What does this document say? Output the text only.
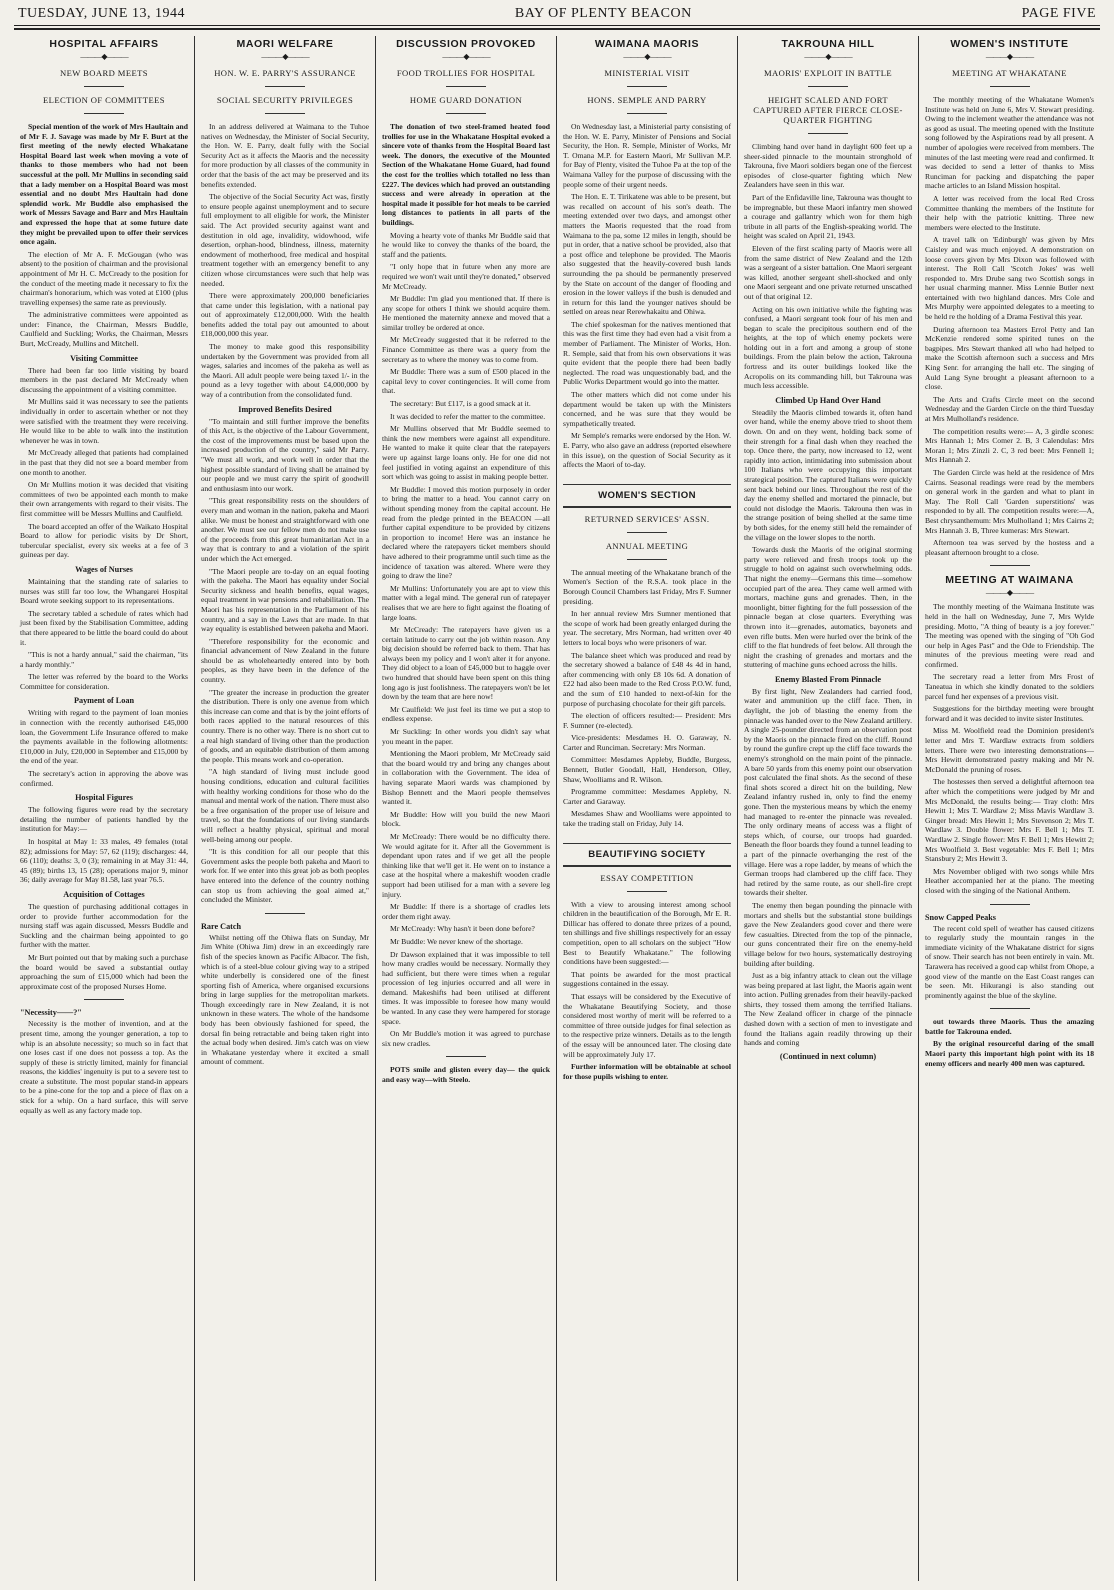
TUESDAY, JUNE 13, 1944	BAY OF PLENTY BEACON	PAGE FIVE
HOSPITAL AFFAIRS
———◆———
NEW BOARD MEETS
ELECTION OF COMMITTEES

Special mention of the work of Mrs Haultain and of Mr F. J. Savage was made by Mr F. Burt at the first meeting of the newly elected Whakatane Hospital Board last week when moving a vote of thanks to those members who had not been successful at the poll. Mr Mullins in seconding said that a lady member on a Hospital Board was most essential and no doubt Mrs Haultain had done splendid work. Mr Buddle also emphasised the work of Messrs Savage and Barr and Mrs Haultain and expressed the hope that at some future date they might be prevailed upon to offer their services once again.

The election of Mr A. F. McGougan (who was absent) to the position of chairman and the provisional appointment of Mr H. C. McCready to the position for the conduct of the meeting made it necessary to fix the chairman's honorarium, which was voted at £100 (plus travelling expenses) the same rate as previously.

The administrative committees were appointed as under: Finance, the Chairman, Messrs Buddle, Caulfield and Suckling; Works, the Chairman, Messrs Burt, McCready, Mullins and Mitchell.

Visiting Committee

There had been far too little visiting by board members in the past declared Mr McCready when discussing the appointment of a visiting committee.

Mr Mullins said it was necessary to see the patients individually in order to ascertain whether or not they were satisfied with the treatment they were receiving. He would like to be able to walk into the institution whenever he was in town.

Mr McCready alleged that patients had complained in the past that they did not see a board member from one month to another.

On Mr Mullins motion it was decided that visiting committees of two be appointed each month to make their own arrangements with regard to their visits. The first committee will be Messrs Mullins and Caulfield.

The board accepted an offer of the Waikato Hospital Board to allow for periodic visits by Dr Short, tubercular specialist, every six weeks at a fee of 3 guineas per day.

Wages of Nurses

Maintaining that the standing rate of salaries to nurses was still far too low, the Whangarei Hospital Board wrote seeking support to its representations.

The secretary tabled a schedule of rates which had just been fixed by the Stabilisation Committee, adding that there appeared to be little the board could do about it.

"This is not a hardy annual," said the chairman, "its a hardy monthly."

The letter was referred by the board to the Works Committee for consideration.

Payment of Loan

Writing with regard to the payment of loan monies in connection with the recently authorised £45,000 loan, the Government Life Insurance offered to make the payments available in the following allotments: £10,000 in July, £20,000 in September and £15,000 by the end of the year.

The secretary's action in approving the above was confirmed.

Hospital Figures

The following figures were read by the secretary detailing the number of patients handled by the institution for May:—

In hospital at May 1: 33 males, 49 females (total 82); admissions for May: 57, 62 (119); discharges: 44, 66 (110); deaths: 3, 0 (3); remaining in at May 31: 44, 45 (89); births 13, 15 (28); operations major 9, minor 36; daily average for May 81.58, last year 76.5.

Acquisition of Cottages

The question of purchasing additional cottages in order to provide further accommodation for the nursing staff was again discussed, Messrs Buddle and Suckling and the chairman being appointed to go further with the matter.

Mr Burt pointed out that by making such a purchase the board would be saved a substantial outlay approaching the sum of £15,000 which had been the approximate cost of the proposed Nurses Home.

"Necessity——?"

Necessity is the mother of invention, and at the present time, among the younger generation, a top to whip is an absolute necessity; so much so in fact that one loses cast if one does not possess a top. As the supply of these is strictly limited, mainly for financial reasons, the kiddies' ingenuity is put to a severe test to create a substitute. The most popular stand-in appears to be a pine-cone for the top and a piece of flax on a stick for a whip. On a hard surface, this will serve equally as well as any factory made top.

MAORI WELFARE
———◆———
HON. W. E. PARRY'S ASSURANCE
SOCIAL SECURITY PRIVILEGES

In an address delivered at Waimana to the Tuhoe natives on Wednesday, the Minister of Social Security, the Hon. W. E. Parry, dealt fully with the Social Security Act as it affects the Maoris and the necessity for more production by all classes of the community in order that the basis of the act may be preserved and its benefits extended.

The objective of the Social Security Act was, firstly to ensure people against unemployment and to secure full employment to all eligible for work, the Minister said. The Act provided security against want and destitution in old age, invalidity, widowhood, wife desertion, orphan-hood, blindness, illness, maternity endowment of motherhood, free medical and hospital treatment together with an emergency benefit to any citizen whose circumstances were such that help was needed.

There were approximately 200,000 beneficiaries that came under this legislation, with a national pay out of approximately £12,000,000. With the health benefits added the total pay out amounted to about £18,000,000 this year.

The money to make good this responsibility undertaken by the Government was provided from all wages, salaries and incomes of the pakeha as well as the Maori. All adult people were being taxed 1/- in the pound as a levy together with about £4,000,000 by way of a contribution from the consolidated fund.

Improved Benefits Desired

"To maintain and still further improve the benefits of this Act, is the objective of the Labour Government, the cost of the improvements must be based upon the increased production of the country," said Mr Parry. "We must all work, and work well in order that the highest possible standard of living shall be attained by our people and we must carry the spirit of goodwill and enthusiasm into our work.

"This great responsibility rests on the shoulders of every man and woman in the nation, pakeha and Maori alike. We must be honest and straightforward with one another. We must see our fellow men do not make use of the proceeds from this great humanitarian Act in a way that is contrary to and a violation of the spirit under which the Act emerged.

"The Maori people are to-day on an equal footing with the pakeha. The Maori has equality under Social Security sickness and health benefits, equal wages, equal treatment in war pensions and rehabilitation. The Maori has his representation in the Parliament of his country, and a say in the Laws that are made. In that way equality is established between pakeha and Maori.

"Therefore responsibility for the economic and financial advancement of New Zealand in the future should be as wholeheartedly entered into by both peoples, as they have been in the defence of the country.

"The greater the increase in production the greater the distribution. There is only one avenue from which this increase can come and that is by the joint efforts of both races applied to the natural resources of this country. There is no other way. There is no short cut to a real high standard of living other than the production of goods, and an equitable distribution of them among the people. This means work and co-operation.

"A high standard of living must include good housing conditions, education and cultural facilities with healthy working conditions for those who do the manual and mental work of the nation. There must also be a free organisation of the proper use of leisure and travel, so that the foundations of our living standards will reflect a healthy physical, spiritual and moral well-being among our people.

"It is this condition for all our people that this Government asks the people both pakeha and Maori to work for. If we enter into this great job as both peoples have entered into the defence of the country nothing can stop us from achieving the goal aimed at," concluded the Minister.

Rare Catch

Whilst netting off the Ohiwa flats on Sunday, Mr Jim White (Ohiwa Jim) drew in an exceedingly rare fish of the species known as Pacific Albacor. The fish, which is of a steel-blue colour giving way to a striped white underbelly is considered one of the finest sporting fish of America, where organised excursions bring in large supplies for the metropolitan markets. Though exceedingly rare in New Zealand, it is not unknown in these waters. The whole of the handsome body has been obviously fashioned for speed, the dorsal fin being retractable and being taken right into the actual body when desired. Jim's catch was on view in Whakatane yesterday where it excited a small amount of comment.

DISCUSSION PROVOKED
———◆———
FOOD TROLLIES FOR HOSPITAL
HOME GUARD DONATION

The donation of two steel-framed heated food trollies for use in the Whakatane Hospital evoked a sincere vote of thanks from the Hospital Board last week. The donors, the executive of the Mounted Section of the Whakatane Home Guard, had found the cost for the trollies which totalled no less than £227. The devices which had proved an outstanding success and were already in operation at the hospital made it possible for hot meals to be carried long distances to patients in all parts of the buildings.

Moving a hearty vote of thanks Mr Buddle said that he would like to convey the thanks of the board, the staff and the patients.

"I only hope that in future when any more are required we won't wait until they're donated," observed Mr McCready.

Mr Buddle: I'm glad you mentioned that. If there is any scope for others I think we should acquire them. He mentioned the maternity annexe and moved that a similar trolley be ordered at once.

Mr McCready suggested that it be referred to the Finance Committee as there was a query from the secretary as to where the money was to come from.

Mr Buddle: There was a sum of £500 placed in the capital levy to cover contingencies. It will come from that.

The secretary: But £117, is a good smack at it.

It was decided to refer the matter to the committee.

Mr Mullins observed that Mr Buddle seemed to think the new members were against all expenditure. He wanted to make it quite clear that the ratepayers were up against large loans only. He for one did not feel justified in voting against an expenditure of this sort which was going to assist in making people better.

Mr Buddle: I moved this motion purposely in order to bring the matter to a head. You cannot carry on without spending money from the capital account. He read from the pledge printed in the BEACON —all further capital expenditure to be provided by citizens in proportion to income! Here was an instance he declared where the ratepayers ticket members should have adhered to their programme until such time as the incidence of taxation was altered. Where were they going to draw the line?

Mr Mullins: Unfortunately you are apt to view this matter with a legal mind. The general run of ratepayer realises that we are here to fight against the floating of large loans.

Mr McCready: The ratepayers have given us a certain latitude to carry out the job within reason. Any big decision should be referred back to them. That has always been my policy and I won't alter it for anyone. They did object to a loan of £45,000 but to haggle over two hundred that should have been spent on this thing long ago is just foolishness. The ratepayers won't be let down by the team that are here now!

Mr Caulfield: We just feel its time we put a stop to endless expense.

Mr Suckling: In other words you didn't say what you meant in the paper.

Mentioning the Maori problem, Mr McCready said that the board would try and bring any changes about in collaboration with the Government. The idea of having separate Maori wards was championed by Bishop Bennett and the Maori people themselves wanted it.

Mr Buddle: How will you build the new Maori block.

Mr McCready: There would be no difficulty there. We would agitate for it. After all the Government is dependant upon rates and if we get all the people thinking like that we'll get it. He went on to instance a case at the hospital where a makeshift wooden cradle support had been utilised for a man with a severe leg injury.

Mr Buddle: If there is a shortage of cradles lets order them right away.

Mr McCready: Why hasn't it been done before?

Mr Buddle: We never knew of the shortage.

Dr Dawson explained that it was impossible to tell how many cradles would be necessary. Normally they had sufficient, but there were times when a regular procession of leg injuries occurred and all were in demand. Makeshifts had been utilised at different times. It was impossible to foresee how many would be wanted. In any case they were hampered for storage space.

On Mr Buddle's motion it was agreed to purchase six new cradles.

POTS smile and glisten every day— the quick and easy way—with Steelo.

WAIMANA MAORIS
———◆———
MINISTERIAL VISIT
HONS. SEMPLE AND PARRY

On Wednesday last, a Ministerial party consisting of the Hon. W. E. Parry, Minister of Pensions and Social Security, the Hon. R. Semple, Minister of Works, Mr T. Omana M.P. for Eastern Maori, Mr Sullivan M.P. for Bay of Plenty, visited the Tuhoe Pa at the top of the Waimana Valley for the purpose of discussing with the people some of their urgent needs.

The Hon. E. T. Tirikatene was able to be present, but was recalled on account of his son's death. The meeting extended over two days, and amongst other matters the Maoris requested that the road from Waimana to the pa, some 12 miles in length, should be put in order, that a native school be provided, also that a post office and telephone be provided. The Maoris also suggested that the heavily-covered bush lands surrounding the pa should be permanently preserved by the State on account of the danger of flooding and erosion in the lower valleys if the bush is denuded and in return for this land the younger natives should be settled on areas near Rerewhakaitu and Ohiwa.

The chief spokesman for the natives mentioned that this was the first time they had even had a visit from a member of Parliament. The Minister of Works, Hon. R. Semple, said that from his own observations it was quite evident that the people there had been badly neglected. The road was unquestionably bad, and the Public Works Department would go into the matter.

The other matters which did not come under his department would be taken up with the Ministers concerned, and he was sure that they would be sympathetically treated.

Mr Semple's remarks were endorsed by the Hon. W. E. Parry, who also gave an address (reported elsewhere in this issue), on the question of Social Security as it affects the Maori of to-day.

WOMEN'S SECTION
RETURNED SERVICES' ASSN.
ANNUAL MEETING

The annual meeting of the Whakatane branch of the Women's Section of the R.S.A. took place in the Borough Council Chambers last Friday, Mrs F. Sumner presiding.

In her annual review Mrs Sumner mentioned that the scope of work had been greatly enlarged during the year. The secretary, Mrs Norman, had written over 40 letters to local boys who were prisoners of war.

The balance sheet which was produced and read by the secretary showed a balance of £48 4s 4d in hand, after commencing with only £8 10s 6d. A donation of £22 had also been made to the Red Cross P.O.W. fund, and the sum of £10 handed to next-of-kin for the purpose of purchasing chocolate for their gift parcels.

The election of officers resulted:— President: Mrs F. Sumner (re-elected).

Vice-presidents: Mesdames H. O. Garaway, N. Carter and Runciman. Secretary: Mrs Norman.

Committee: Mesdames Appleby, Buddle, Burgess, Bennett, Butler Goodall, Hall, Henderson, Olley, Shaw, Woolliams and R. Wilson.

Programme committee: Mesdames Appleby, N. Carter and Garaway.

Mesdames Shaw and Woolliams were appointed to take the trading stall on Friday, July 14.

BEAUTIFYING SOCIETY
ESSAY COMPETITION

With a view to arousing interest among school children in the beautification of the Borough, Mr E. R. Dillicar has offered to donate three prizes of a pound, ten shillings and five shillings respectively for an essay competition, open to all scholars on the subject "How Best to Beautify Whakatane." The following conditions have been suggested:—

That points be awarded for the most practical suggestions contained in the essay.

That essays will be considered by the Executive of the Whakatane Beautifying Society, and those considered most worthy of merit will be referred to a committee of three outside judges for final selection as to the respective prize winners. Details as to the length of the essay will be announced later. The closing date will be approximately July 17.

Further information will be obtainable at school for those pupils wishing to enter.

TAKROUNA HILL
———◆———
MAORIS' EXPLOIT IN BATTLE
HEIGHT SCALED AND FORT CAPTURED AFTER FIERCE CLOSE-QUARTER FIGHTING

Climbing hand over hand in daylight 600 feet up a sheer-sided pinnacle to the mountain stronghold of Takrouna, five Maori soldiers began one of the fiercest episodes of close-quarter fighting which New Zealanders have seen in this war.

Part of the Enfidaville line, Takrouna was thought to be impregnable, but these Maori infantry men showed a courage and gallantry which won for them high tribute in all parts of the English-speaking world. The height was scaled on April 21, 1943.

Eleven of the first scaling party of Maoris were all from the same district of New Zealand and the 12th was a sergeant of a sister battalion. One Maori sergeant was killed, another sergeant shell-shocked and only one Maori sergeant and one private returned unscathed out of that original 12.

Acting on his own initiative while the fighting was confused, a Maori sergeant took four of his men and began to scale the precipitous southern end of the heights, at the top of which enemy pockets were holding out in a fort and among a group of stone buildings. From the plain below the action, Takrouna fortress and its outer buildings looked like the Acropolis on its commanding hill, but Takrouna was much less accessible.

Climbed Up Hand Over Hand

Steadily the Maoris climbed towards it, often hand over hand, while the enemy above tried to shoot them down. On and on they went, holding back some of their strength for a final dash when they reached the top. Once there, the party, now increased to 12, went rapidly into action, intimidating into submission about 100 Italians who were occupying this important strategical position. The captured Italians were quickly sent back behind our lines. Throughout the rest of the day the enemy shelled and mortared the pinnacle, but could not dislodge the Maoris. Takrouna then was in the strange position of being shelled at the same time by both sides, for the enemy still held the remainder of the village on the lower slopes to the north.

Towards dusk the Maoris of the original storming party were relieved and fresh troops took up the struggle to hold on against such overwhelming odds. That night the enemy—Germans this time—somehow occupied part of the area. They came well armed with mortars, machine guns and grenades. Then, in the moonlight, bitter fighting for the full possession of the pinnacle began at close quarters. Everything was thrown into it—grenades, automatics, bayonets and even rifle butts. Men were hurled over the brink of the cliff to the flat hundreds of feet below. All through the night the crashing of grenades and mortars and the stuttering of machine guns echoed across the hills.

Enemy Blasted From Pinnacle

By first light, New Zealanders had carried food, water and ammunition up the cliff face. Then, in daylight, the job of blasting the enemy from the pinnacle was handed over to the New Zealand artillery. A single 25-pounder directed from an observation post by the Maoris on the pinnacle fired on the cliff. Round by round the gunfire crept up the cliff face towards the enemy's stronghold on the main point of the pinnacle. A bare 50 yards from this enemy point our observation post calculated the final shots. As the second of these final shots scored a direct hit on the building, New Zealand infantry rushed in, only to find the enemy gone. Then the mysterious means by which the enemy had managed to re-enter the pinnacle was revealed. The only ordinary means of access was a flight of steps which, of course, our troops had guarded. Beneath the floor boards they found a tunnel leading to a part of the pinnacle overhanging the rest of the village. Here was a rope ladder, by means of which the German troops had clambered up the cliff face. They had retired by the same route, as our shell-fire crept towards their shelter.

The enemy then began pounding the pinnacle with mortars and shells but the substantial stone buildings gave the New Zealanders good cover and there were few casualties. Directed from the top of the pinnacle, our guns concentrated their fire on the enemy-held village below for two hours, systematically destroying building after building.

Just as a big infantry attack to clean out the village was being prepared at last light, the Maoris again went into action. Pulling grenades from their heavily-packed shirts, they tossed them among the terrified Italians. The New Zealand officer in charge of the pinnacle dashed down with a section of men to investigate and found the Italians again readily throwing up their hands and coming

(Continued in next column)
WOMEN'S INSTITUTE
———◆———
MEETING AT WHAKATANE

The monthly meeting of the Whakatane Women's Institute was held on June 6, Mrs V. Stewart presiding. Owing to the inclement weather the attendance was not as good as usual. The meeting opened with the Institute song followed by the Aspirations read by all present. A number of apologies were received from members. The minutes of the last meeting were read and confirmed. It was decided to send a letter of thanks to Miss Runciman for packing and dispatching the paper mache articles to an Island Mission hospital.

A letter was received from the local Red Cross Committee thanking the members of the Institute for their help with the patriotic knitting. Three new members were elected to the Institute.

A travel talk on 'Edinburgh' was given by Mrs Caisley and was much enjoyed. A demonstration on loose covers given by Mrs Dixon was followed with interest. The Roll Call 'Scotch Jokes' was well responded to. Mrs Drube sang two Scottish songs in her usual charming manner. Miss Lennie Butler next entertained with two highland dances. Mrs Cole and Mrs Murphy were appointed delegates to a meeting to be held re the holding of a Drama Festival this year.

During afternoon tea Masters Errol Petty and Ian McKenzie rendered some spirited tunes on the bagpipes. Mrs Stewart thanked all who had helped to make the Scottish afternoon such a success and Mrs King Senr. for arranging the hall etc. The singing of Auld Lang Syne brought a pleasant afternoon to a close.

The Arts and Crafts Circle meet on the second Wednesday and the Garden Circle on the third Tuesday at Mrs Mulholland's residence.

The competition results were:— A, 3 girdle scones: Mrs Hannah 1; Mrs Comer 2. B, 3 Calendulas: Mrs Moran 1; Mrs Zinzli 2. C, 3 red beet: Mrs Fennell 1; Mrs Hannah 2.

The Garden Circle was held at the residence of Mrs Cairns. Seasonal readings were read by the members on general work in the garden and what to plant in May. The Roll Call 'Garden superstitions' was responded to by all. The competition results were:—A, Best chrysanthemum: Mrs Mulholland 1; Mrs Cairns 2; Mrs Hannah 3. B, Three kumeras: Mrs Stewart.

Afternoon tea was served by the hostess and a pleasant afternoon brought to a close.

MEETING AT WAIMANA
———◆———

The monthly meeting of the Waimana Institute was held in the hall on Wednesday, June 7, Mrs Wylde presiding. Motto, "A thing of beauty is a joy forever." The meeting was opened with the singing of "Oh God our help in Ages Past" and the Ode to Friendship. The minutes of the previous meeting were read and confirmed.

The secretary read a letter from Mrs Frost of Taneatua in which she kindly donated to the soldiers parcel fund her expenses of a previous visit.

Suggestions for the birthday meeting were brought forward and it was decided to invite sister Institutes.

Miss M. Woolfield read the Dominion president's letter and Mrs T. Wardlaw extracts from soldiers letters. There were two interesting demonstrations—Mrs Hewitt demonstrated pastry making and Mr N. McDonald the pruning of roses.

The hostesses then served a delightful afternoon tea after which the competitions were judged by Mr and Mrs McDonald, the results being:— Tray cloth: Mrs Hewitt 1; Mrs T. Wardlaw 2; Miss Mavis Wardlaw 3. Ginger bread: Mrs Hewitt 1; Mrs Stevenson 2; Mrs T. Wardlaw 3. Double flower: Mrs F. Bell 1; Mrs T. Wardlaw 2. Single flower: Mrs F. Bell 1; Mrs Hewitt 2; Mrs Woolfield 3. Best vegetable: Mrs F. Bell 1; Mrs Stansbury 2; Mrs Hewitt 3.

Mrs November obliged with two songs while Mrs Heather accompanied her at the piano. The meeting closed with the singing of the National Anthem.

Snow Capped Peaks

The recent cold spell of weather has caused citizens to regularly study the mountain ranges in the immediate vicinity of the Whakatane district for signs of snow. Their search has not been entirely in vain. Mt. Tarawera has received a good cap whilst from Ohope, a good view of the mantle on the East Coast ranges can be seen. Mt. Hikurangi is also standing out prominently against the blue of the skyline.

out towards three Maoris. Thus the amazing battle for Takrouna ended.

By the original resourceful daring of the small Maori party this important high point with its 18 enemy officers and nearly 400 men was captured.
